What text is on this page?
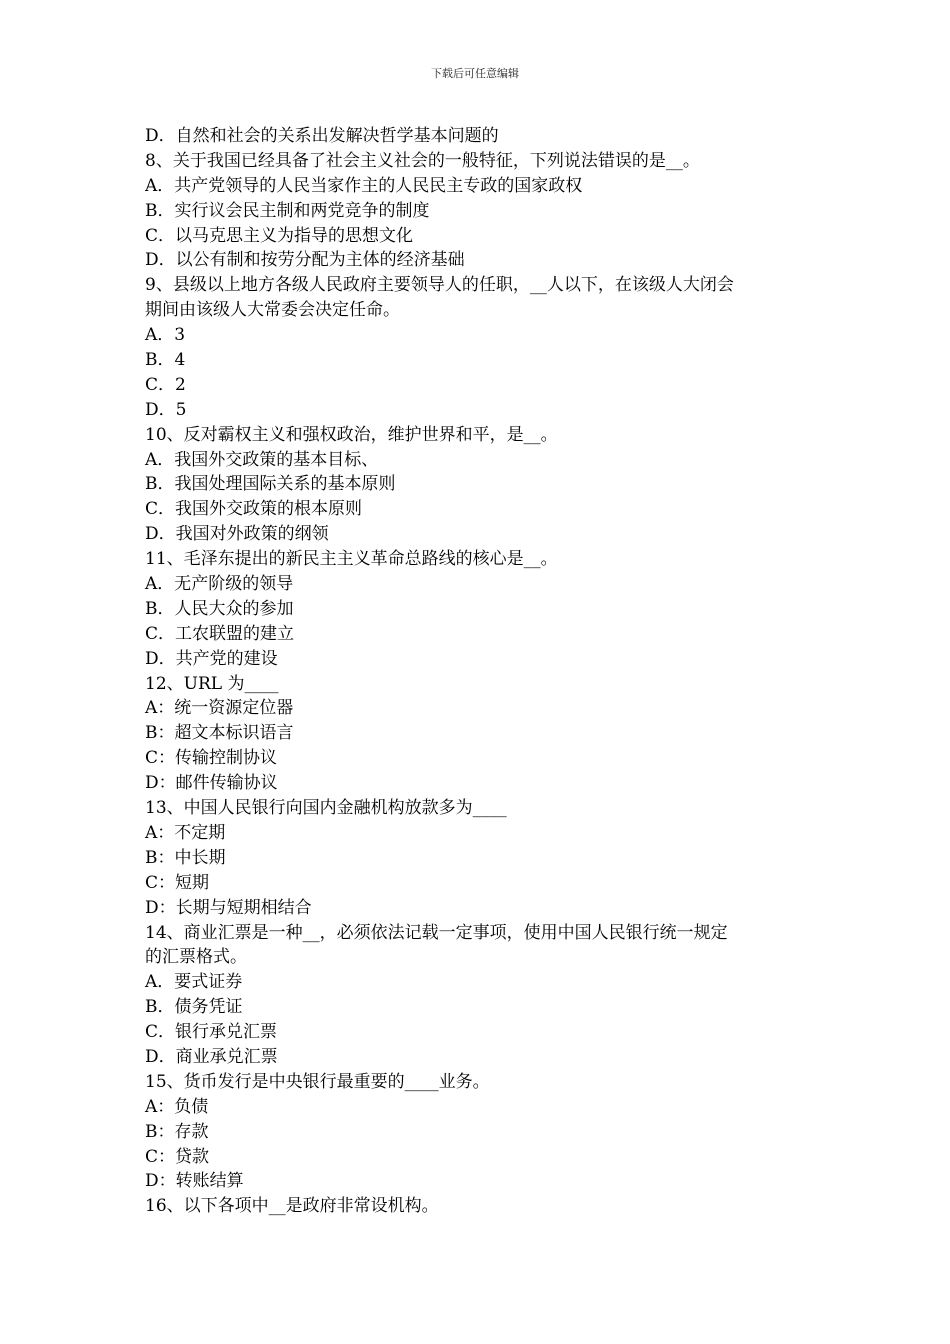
下载后可任意编辑
D．自然和社会的关系出发解决哲学基本问题的
8、关于我国已经具备了社会主义社会的一般特征，下列说法错误的是__。
A．共产党领导的人民当家作主的人民民主专政的国家政权
B．实行议会民主制和两党竞争的制度
C．以马克思主义为指导的思想文化
D．以公有制和按劳分配为主体的经济基础
9、县级以上地方各级人民政府主要领导人的任职，__人以下，在该级人大闭会
期间由该级人大常委会决定任命。
A．3
B．4
C．2
D．5
10、反对霸权主义和强权政治，维护世界和平，是__。
A．我国外交政策的基本目标、
B．我国处理国际关系的基本原则
C．我国外交政策的根本原则
D．我国对外政策的纲领
11、毛泽东提出的新民主主义革命总路线的核心是__。
A．无产阶级的领导
B．人民大众的参加
C．工农联盟的建立
D．共产党的建设
12、URL 为____
A：统一资源定位器
B：超文本标识语言
C：传输控制协议
D：邮件传输协议
13、中国人民银行向国内金融机构放款多为____
A：不定期
B：中长期
C：短期
D：长期与短期相结合
14、商业汇票是一种__，必须依法记载一定事项，使用中国人民银行统一规定
的汇票格式。
A．要式证券
B．债务凭证
C．银行承兑汇票
D．商业承兑汇票
15、货币发行是中央银行最重要的____业务。
A：负债
B：存款
C：贷款
D：转账结算
16、以下各项中__是政府非常设机构。
